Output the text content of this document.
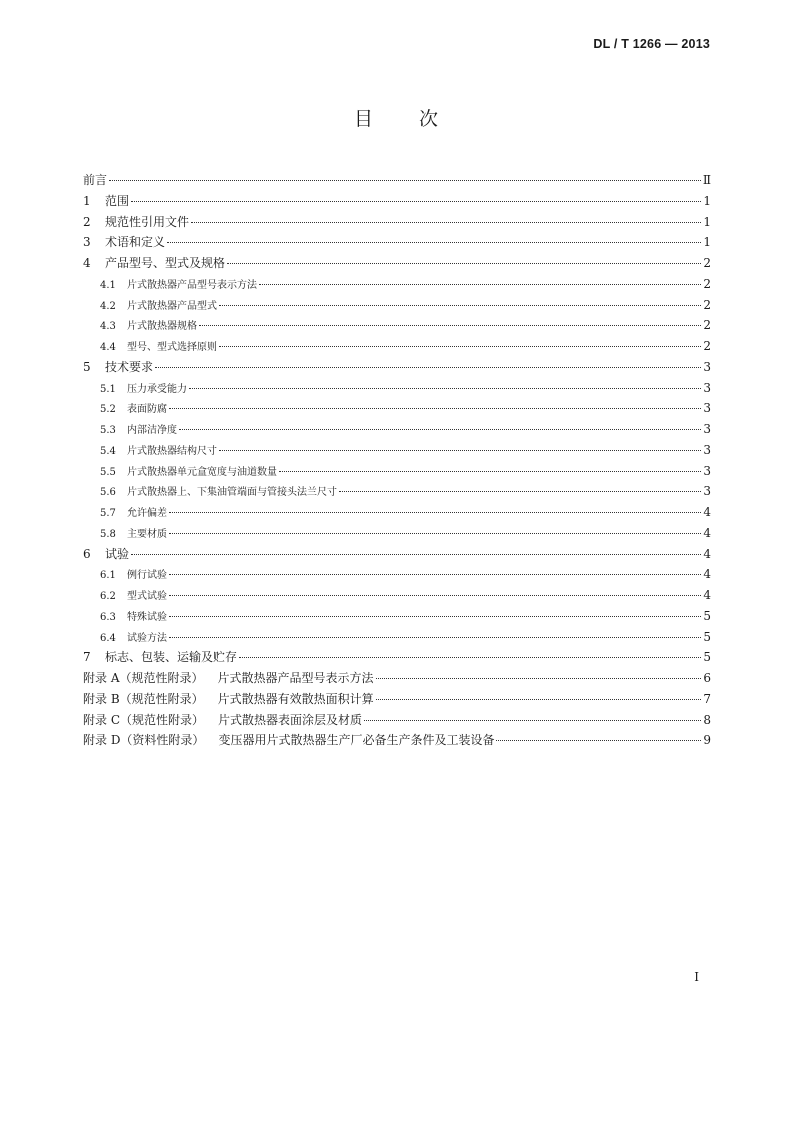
DL / T 1266 — 2013
目 次
前言	Ⅱ
1	范围	1
2	规范性引用文件	1
3	术语和定义	1
4	产品型号、型式及规格	2
4.1	片式散热器产品型号表示方法	2
4.2	片式散热器产品型式	2
4.3	片式散热器规格	2
4.4	型号、型式选择原则	2
5	技术要求	3
5.1	压力承受能力	3
5.2	表面防腐	3
5.3	内部洁净度	3
5.4	片式散热器结构尺寸	3
5.5	片式散热器单元盒宽度与油道数量	3
5.6	片式散热器上、下集油管端面与管接头法兰尺寸	3
5.7	允许偏差	4
5.8	主要材质	4
6	试验	4
6.1	例行试验	4
6.2	型式试验	4
6.3	特殊试验	5
6.4	试验方法	5
7	标志、包装、运输及贮存	5
附录 A（规范性附录） 片式散热器产品型号表示方法	6
附录 B（规范性附录） 片式散热器有效散热面积计算	7
附录 C（规范性附录） 片式散热器表面涂层及材质	8
附录 D（资料性附录） 变压器用片式散热器生产厂必备生产条件及工装设备	9
I
